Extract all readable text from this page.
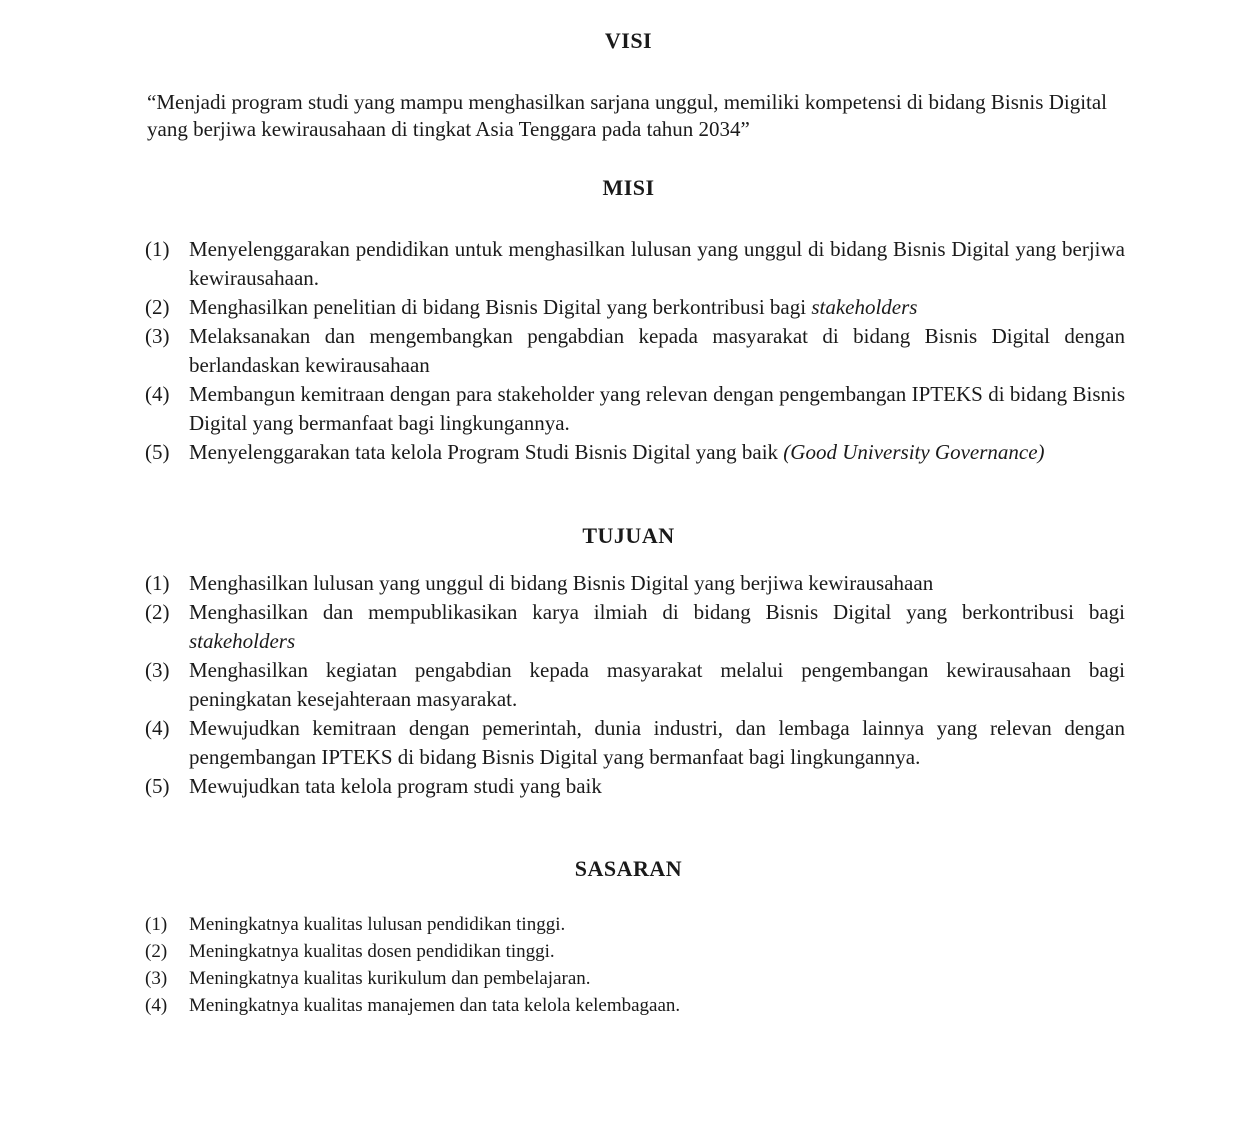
VISI

“Menjadi program studi yang mampu menghasilkan sarjana unggul, memiliki kompetensi di bidang Bisnis Digital yang berjiwa kewirausahaan di tingkat Asia Tenggara pada tahun 2034”

MISI
(1) Menyelenggarakan pendidikan untuk menghasilkan lulusan yang unggul di bidang Bisnis Digital yang berjiwa kewirausahaan.
(2) Menghasilkan penelitian di bidang Bisnis Digital yang berkontribusi bagi stakeholders
(3) Melaksanakan dan mengembangkan pengabdian kepada masyarakat di bidang Bisnis Digital dengan berlandaskan kewirausahaan
(4) Membangun kemitraan dengan para stakeholder yang relevan dengan pengembangan IPTEKS di bidang Bisnis Digital yang bermanfaat bagi lingkungannya.
(5) Menyelenggarakan tata kelola Program Studi Bisnis Digital yang baik (Good University Governance)
TUJUAN
(1) Menghasilkan lulusan yang unggul di bidang Bisnis Digital yang berjiwa kewirausahaan
(2) Menghasilkan dan mempublikasikan karya ilmiah di bidang Bisnis Digital yang berkontribusi bagi stakeholders
(3) Menghasilkan kegiatan pengabdian kepada masyarakat melalui pengembangan kewirausahaan bagi peningkatan kesejahteraan masyarakat.
(4) Mewujudkan kemitraan dengan pemerintah, dunia industri, dan lembaga lainnya yang relevan dengan pengembangan IPTEKS di bidang Bisnis Digital yang bermanfaat bagi lingkungannya.
(5) Mewujudkan tata kelola program studi yang baik
SASARAN
(1) Meningkatnya kualitas lulusan pendidikan tinggi.
(2) Meningkatnya kualitas dosen pendidikan tinggi.
(3) Meningkatnya kualitas kurikulum dan pembelajaran.
(4) Meningkatnya kualitas manajemen dan tata kelola kelembagaan.
